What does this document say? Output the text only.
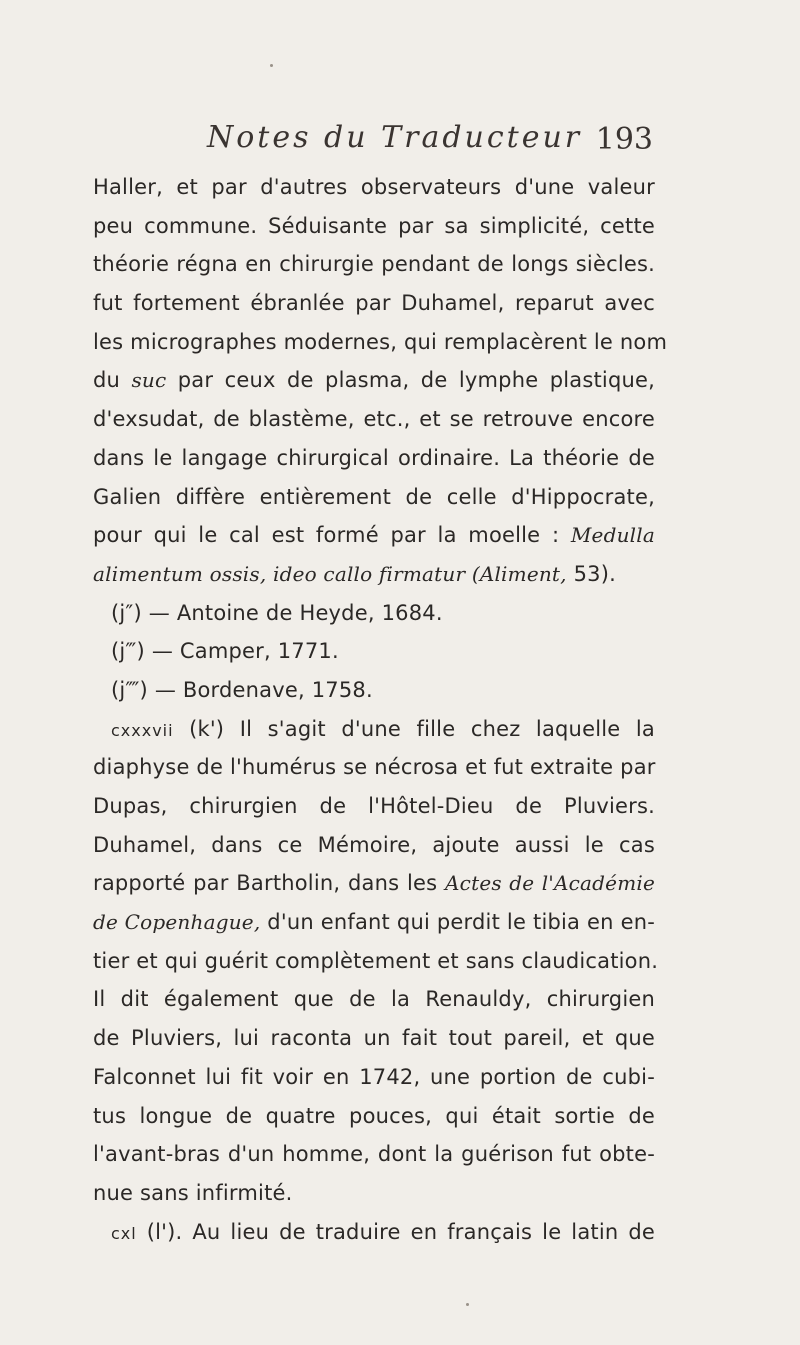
Notes du Traducteur 193
Haller, et par d'autres observateurs d'une valeur
peu commune. Séduisante par sa simplicité, cette
théorie régna en chirurgie pendant de longs siècles.
fut fortement ébranlée par Duhamel, reparut avec
les micrographes modernes, qui remplacèrent le nom
du suc par ceux de plasma, de lymphe plastique,
d'exsudat, de blastème, etc., et se retrouve encore
dans le langage chirurgical ordinaire. La théorie de
Galien diffère entièrement de celle d'Hippocrate,
pour qui le cal est formé par la moelle : Medulla
alimentum ossis, ideo callo firmatur (Aliment, 53).
(j″) — Antoine de Heyde, 1684.
(j‴) — Camper, 1771.
(j⁗) — Bordenave, 1758.
cxxxvii (k') Il s'agit d'une fille chez laquelle la
diaphyse de l'humérus se nécrosa et fut extraite par
Dupas, chirurgien de l'Hôtel-Dieu de Pluviers.
Duhamel, dans ce Mémoire, ajoute aussi le cas
rapporté par Bartholin, dans les Actes de l'Académie
de Copenhague, d'un enfant qui perdit le tibia en en-
tier et qui guérit complètement et sans claudication.
Il dit également que de la Renauldy, chirurgien
de Pluviers, lui raconta un fait tout pareil, et que
Falconnet lui fit voir en 1742, une portion de cubi-
tus longue de quatre pouces, qui était sortie de
l'avant-bras d'un homme, dont la guérison fut obte-
nue sans infirmité.
cxl (l'). Au lieu de traduire en français le latin de
